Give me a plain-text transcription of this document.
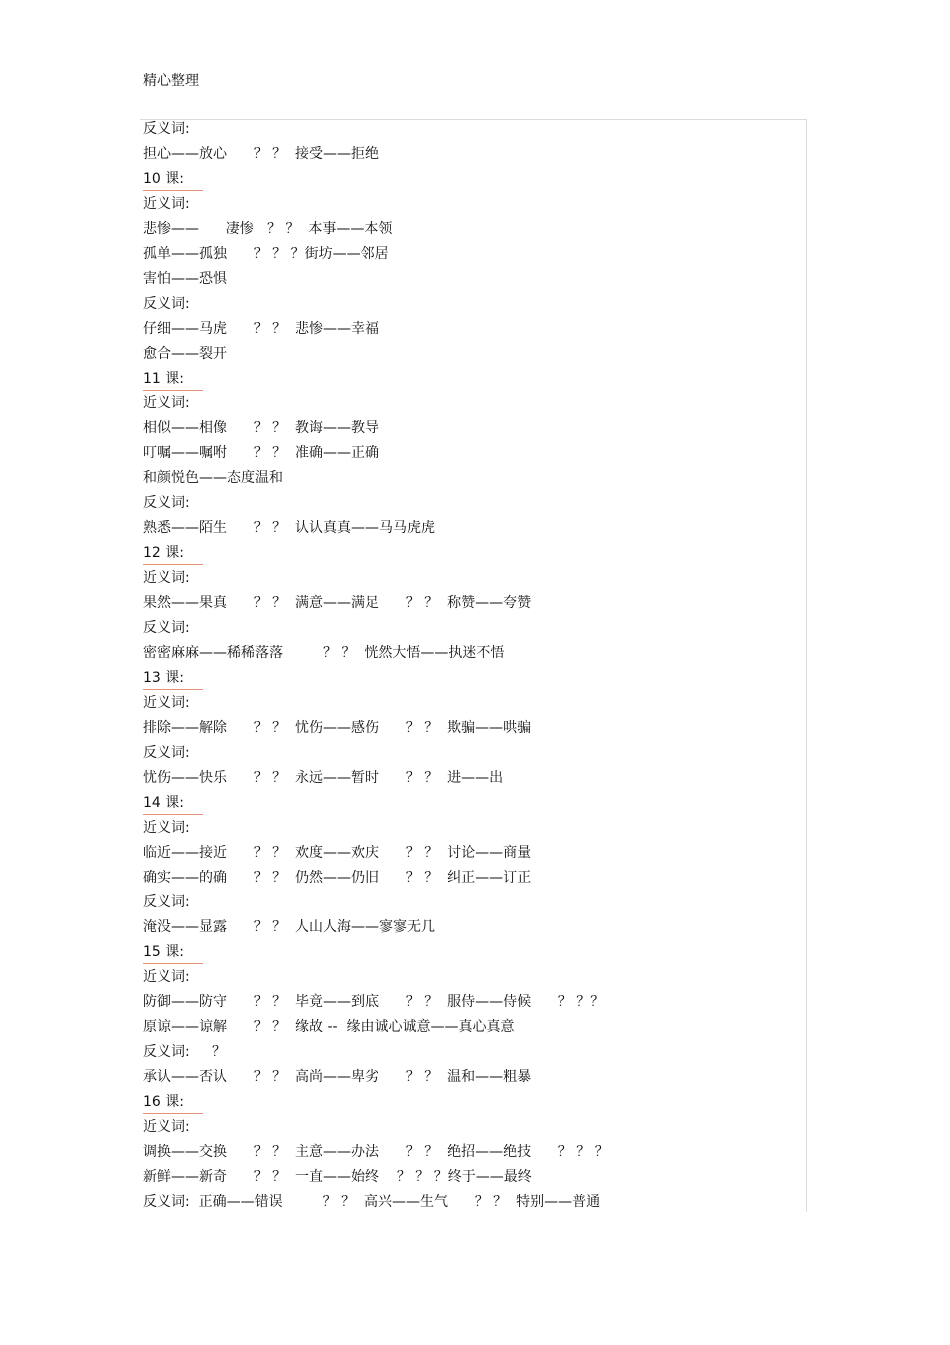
精心整理
反义词:
担心——放心      ？ ？  接受——拒绝
10 课:
近义词:
悲惨——      凄惨   ？ ？  本事——本领
孤单——孤独      ？ ？ ？街坊——邻居
害怕——恐惧
反义词:
仔细——马虎      ？ ？  悲惨——幸福
愈合——裂开
11 课:
近义词:
相似——相像      ？ ？  教诲——教导
叮嘱——嘱咐      ？ ？  准确——正确
和颜悦色——态度温和
反义词:
熟悉——陌生      ？ ？  认认真真——马马虎虎
12 课:
近义词:
果然——果真      ？ ？  满意——满足      ？ ？  称赞——夸赞
反义词:
密密麻麻——稀稀落落         ？ ？  恍然大悟——执迷不悟
13 课:
近义词:
排除——解除      ？ ？  忧伤——感伤      ？ ？  欺骗——哄骗
反义词:
忧伤——快乐      ？ ？  永远——暂时      ？ ？  进——出
14 课:
近义词:
临近——接近      ？ ？  欢度——欢庆      ？ ？  讨论——商量
确实——的确      ？ ？  仍然——仍旧      ？ ？  纠正——订正
反义词:
淹没——显露      ？ ？  人山人海——寥寥无几
15 课:
近义词:
防御——防守      ？ ？  毕竟——到底      ？ ？  服侍——侍候      ？ ？？
原谅——谅解      ？ ？  缘故 --  缘由诚心诚意——真心真意
反义词:     ？
承认——否认      ？ ？  高尚——卑劣      ？ ？  温和——粗暴
16 课:
近义词:
调换——交换      ？ ？  主意——办法      ？ ？  绝招——绝技      ？ ？ ？
新鲜——新奇      ？ ？  一直——始终    ？ ？ ？终于——最终
反义词:  正确——错误         ？ ？  高兴——生气      ？ ？  特别——普通
